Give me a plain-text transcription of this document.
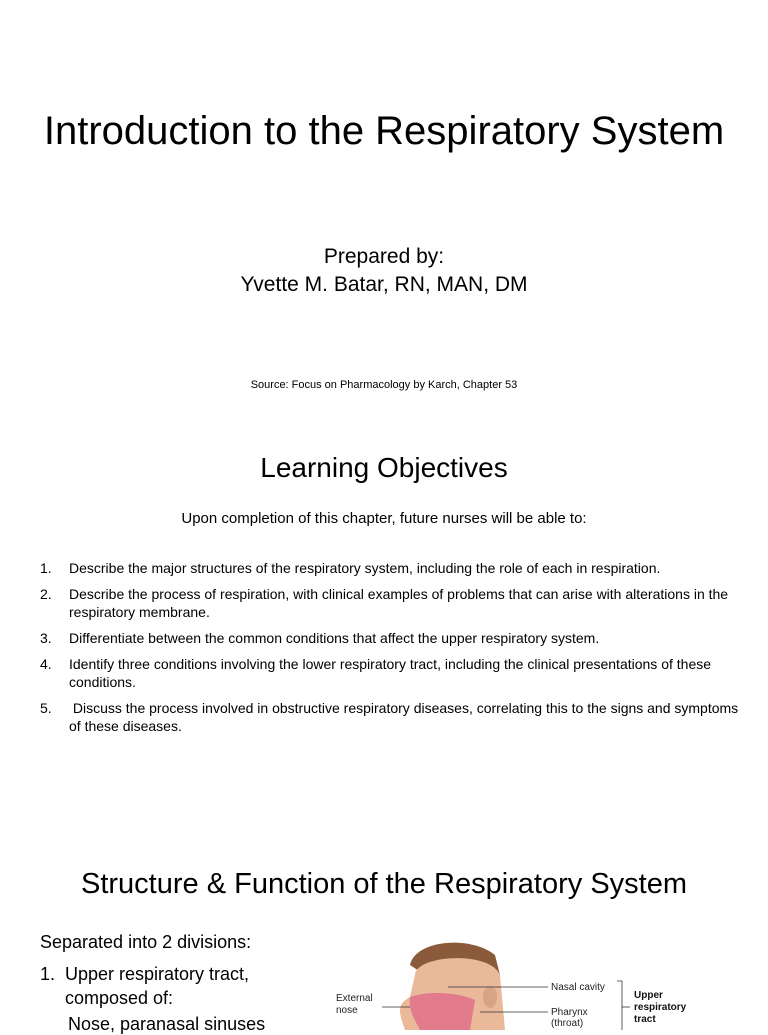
Introduction to the Respiratory System
Prepared by:
Yvette M. Batar, RN, MAN, DM
Source: Focus on Pharmacology by Karch, Chapter 53
Learning Objectives
Upon completion of this chapter, future nurses will be able to:
1.	Describe the major structures of the respiratory system, including the role of each in respiration.
2.	Describe the process of respiration, with clinical examples of problems that can arise with alterations in the respiratory membrane.
3.	Differentiate between the common conditions that affect the upper respiratory system.
4.	Identify three conditions involving the lower respiratory tract, including the clinical presentations of these conditions.
5.	Discuss the process involved in obstructive respiratory diseases, correlating this to the signs and symptoms of these diseases.
Structure & Function of the Respiratory System
Separated into 2 divisions:
1. Upper respiratory tract, composed of:
Nose, paranasal sinuses
External
nose
Nasal cavity
Pharynx
(throat)
Upper
respiratory
tract
